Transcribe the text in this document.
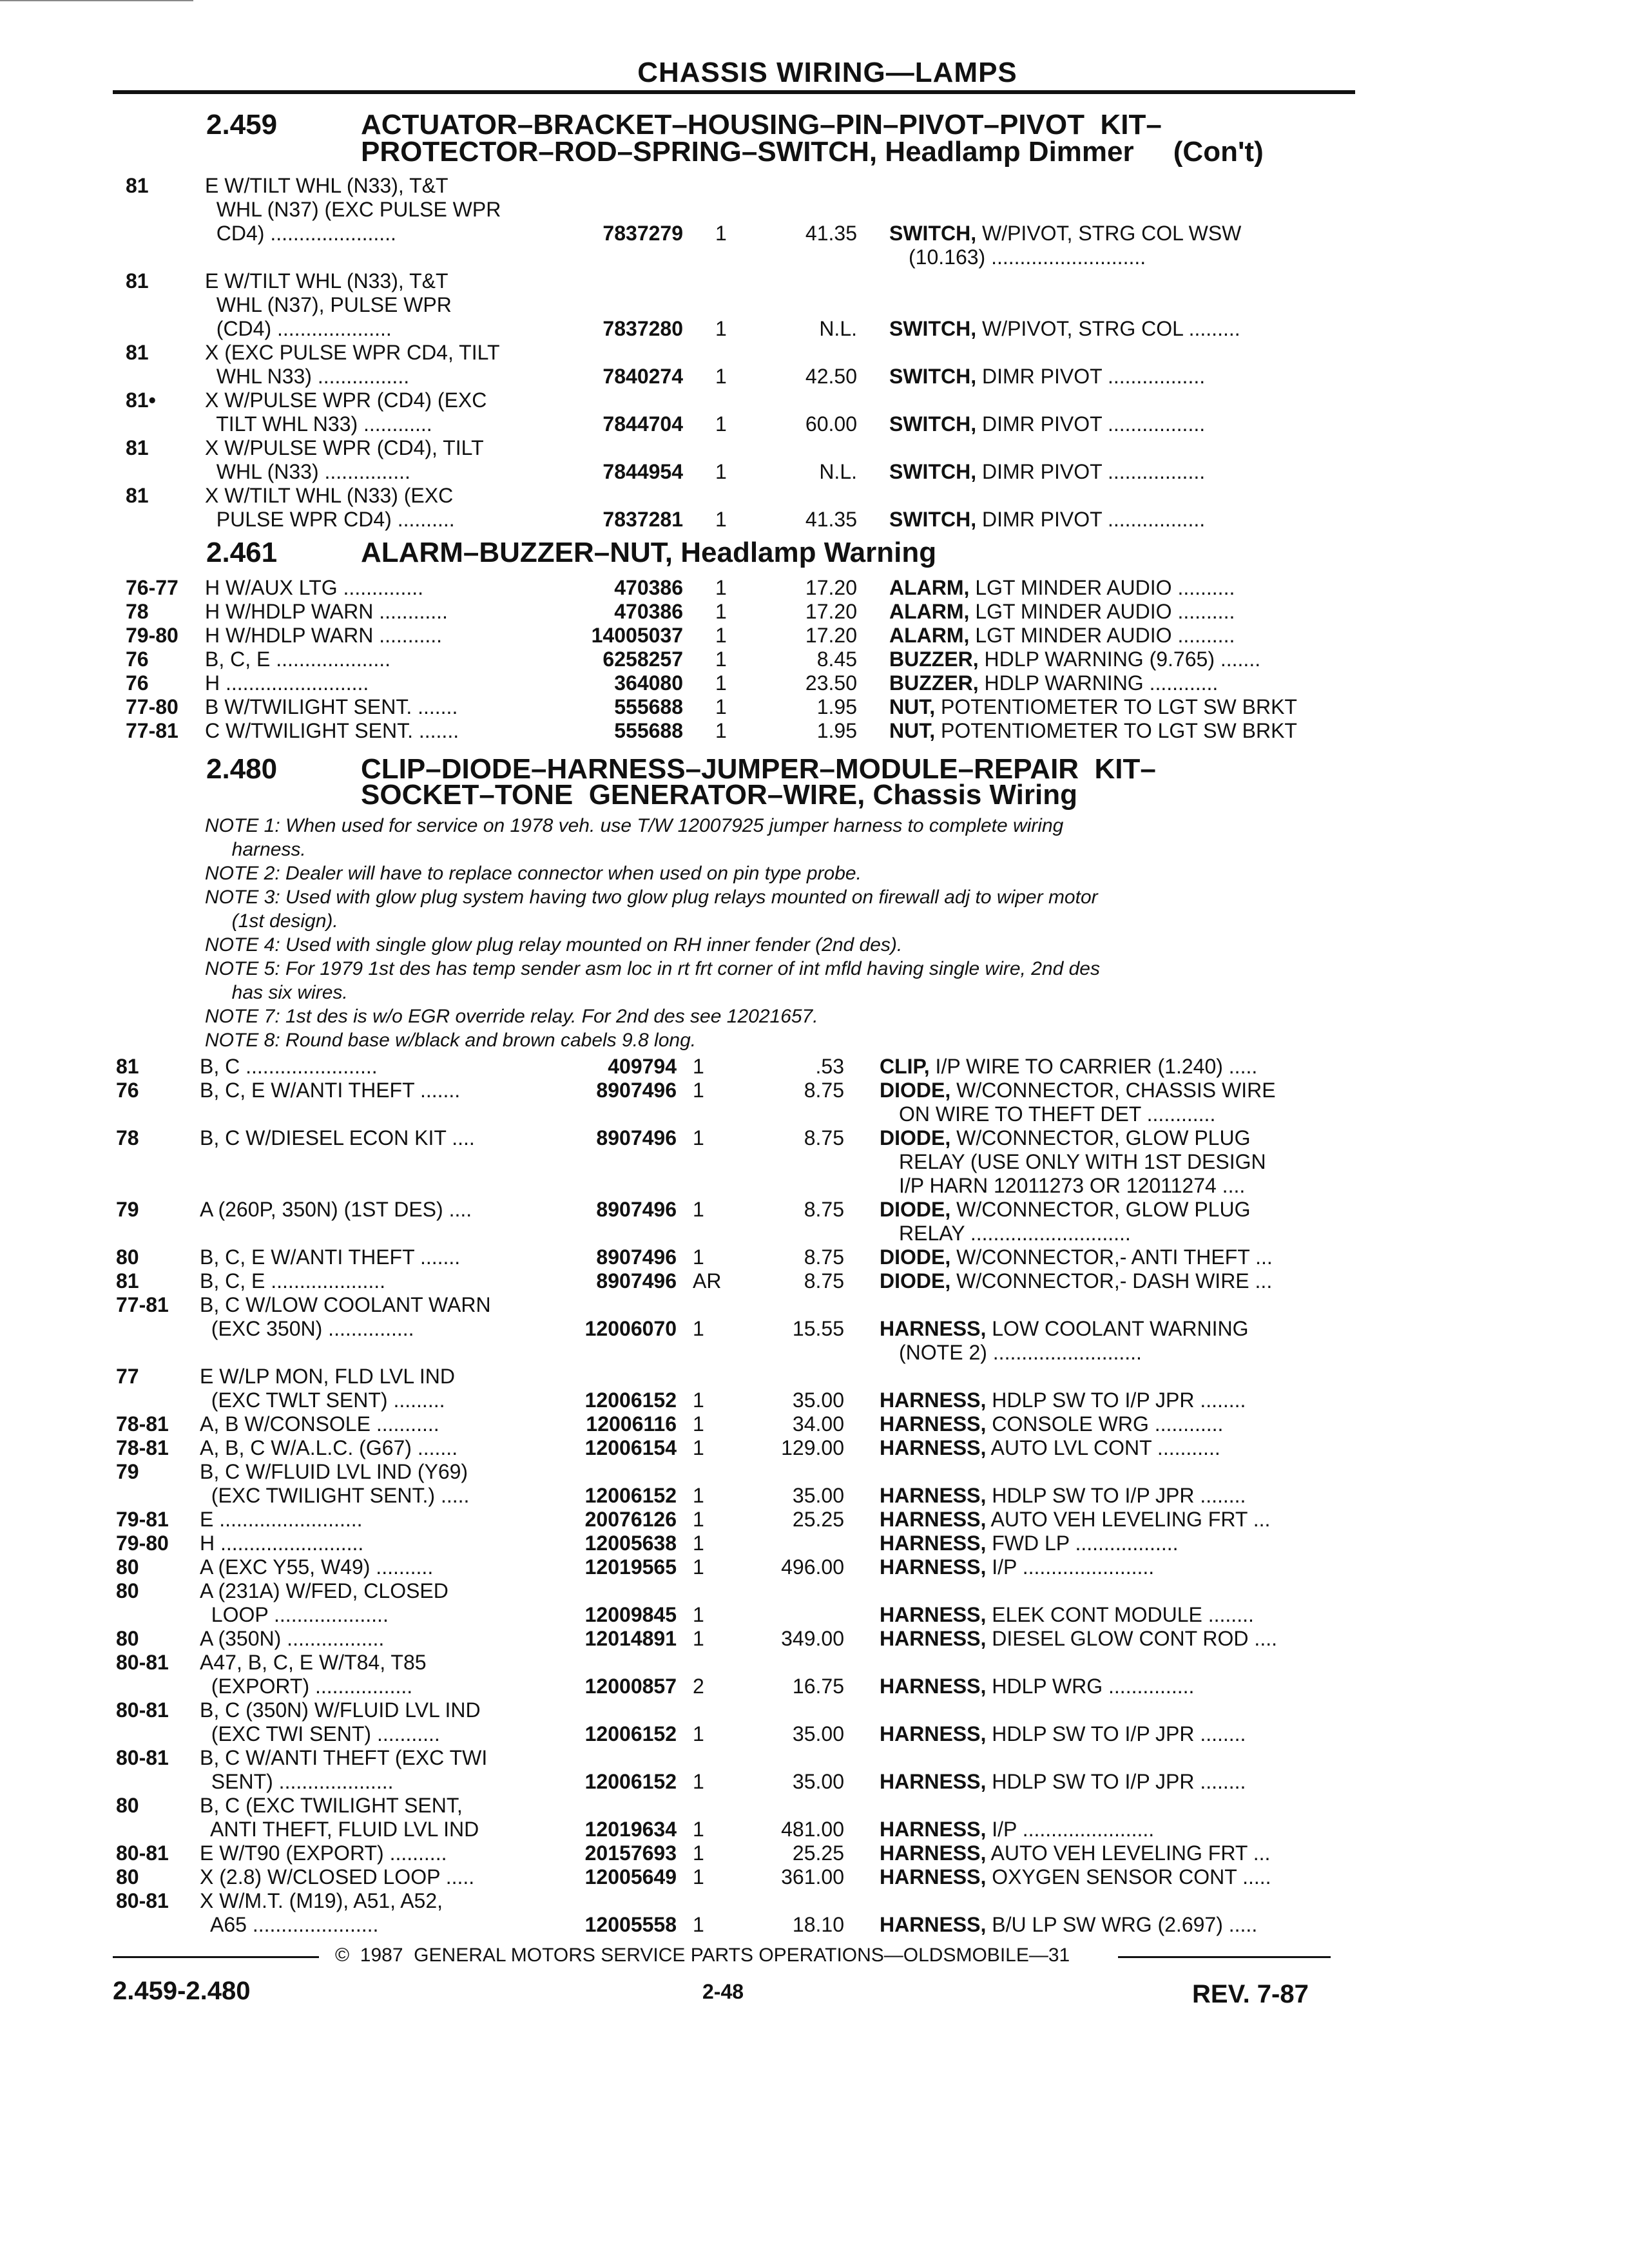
CHASSIS WIRING—LAMPS
2.459	ACTUATOR–BRACKET–HOUSING–PIN–PIVOT–PIVOT  KIT–
PROTECTOR–ROD–SPRING–SWITCH, Headlamp Dimmer     (Con't)
81	E W/TILT WHL (N33), T&T
WHL (N37) (EXC PULSE WPR
CD4) ......................	7837279 1	41.35 SWITCH, W/PIVOT, STRG COL WSW
(10.163) ...........................
81	E W/TILT WHL (N33), T&T
WHL (N37), PULSE WPR
(CD4) ....................	7837280 1	N.L. SWITCH, W/PIVOT, STRG COL .........
81	X (EXC PULSE WPR CD4, TILT
WHL N33) ................	7840274 1	42.50 SWITCH, DIMR PIVOT .................
81• X W/PULSE WPR (CD4) (EXC
TILT WHL N33) ............	7844704 1	60.00 SWITCH, DIMR PIVOT .................
81	X W/PULSE WPR (CD4), TILT
WHL (N33) ...............	7844954 1	N.L. SWITCH, DIMR PIVOT .................
81	X W/TILT WHL (N33) (EXC
PULSE WPR CD4) ..........	7837281 1	41.35 SWITCH, DIMR PIVOT .................
2.461	ALARM–BUZZER–NUT, Headlamp Warning
76-77 H W/AUX LTG ..............	470386 1	17.20 ALARM, LGT MINDER AUDIO ..........
78	H W/HDLP WARN ............	470386 1	17.20 ALARM, LGT MINDER AUDIO ..........
79-80 H W/HDLP WARN ...........	14005037 1	17.20 ALARM, LGT MINDER AUDIO ..........
76	B, C, E ....................	6258257 1	8.45 BUZZER, HDLP WARNING (9.765) .......
76	H .........................	364080 1	23.50 BUZZER, HDLP WARNING ............
77-80 B W/TWILIGHT SENT. .......	555688 1	1.95 NUT, POTENTIOMETER TO LGT SW BRKT
77-81 C W/TWILIGHT SENT. .......	555688 1	1.95 NUT, POTENTIOMETER TO LGT SW BRKT
2.480	CLIP–DIODE–HARNESS–JUMPER–MODULE–REPAIR  KIT–
SOCKET–TONE  GENERATOR–WIRE, Chassis Wiring
NOTE 1: When used for service on 1978 veh. use T/W 12007925 jumper harness to complete wiring
harness.
NOTE 2: Dealer will have to replace connector when used on pin type probe.
NOTE 3: Used with glow plug system having two glow plug relays mounted on firewall adj to wiper motor
(1st design).
NOTE 4: Used with single glow plug relay mounted on RH inner fender (2nd des).
NOTE 5: For 1979 1st des has temp sender asm loc in rt frt corner of int mfld having single wire, 2nd des
has six wires.
NOTE 7: 1st des is w/o EGR override relay. For 2nd des see 12021657.
NOTE 8: Round base w/black and brown cabels 9.8 long.
81	B, C .......................	409794 1	.53 CLIP, I/P WIRE TO CARRIER (1.240) .....
76	B, C, E W/ANTI THEFT .......	8907496 1	8.75 DIODE, W/CONNECTOR, CHASSIS WIRE
ON WIRE TO THEFT DET ............
78	B, C W/DIESEL ECON KIT ....	8907496 1	8.75 DIODE, W/CONNECTOR, GLOW PLUG
RELAY (USE ONLY WITH 1ST DESIGN
I/P HARN 12011273 OR 12011274 ....
79	A (260P, 350N) (1ST DES) ....	8907496 1	8.75 DIODE, W/CONNECTOR, GLOW PLUG
RELAY ............................
80	B, C, E W/ANTI THEFT .......	8907496 1	8.75 DIODE, W/CONNECTOR,- ANTI THEFT ...
81	B, C, E ....................	8907496 AR	8.75 DIODE, W/CONNECTOR,- DASH WIRE ...
77-81 B, C W/LOW COOLANT WARN
(EXC 350N) ...............	12006070 1	15.55 HARNESS, LOW COOLANT WARNING
(NOTE 2) ..........................
77	E W/LP MON, FLD LVL IND
(EXC TWLT SENT) .........	12006152 1	35.00 HARNESS, HDLP SW TO I/P JPR ........
78-81 A, B W/CONSOLE ...........	12006116 1	34.00 HARNESS, CONSOLE WRG ............
78-81 A, B, C W/A.L.C. (G67) .......	12006154 1	129.00 HARNESS, AUTO LVL CONT ...........
79	B, C W/FLUID LVL IND (Y69)
(EXC TWILIGHT SENT.) .....	12006152 1	35.00 HARNESS, HDLP SW TO I/P JPR ........
79-81 E .........................	20076126 1	25.25 HARNESS, AUTO VEH LEVELING FRT ...
79-80 H .........................	12005638 1	HARNESS, FWD LP ..................
80	A (EXC Y55, W49) ..........	12019565 1	496.00 HARNESS, I/P .......................
80	A (231A) W/FED, CLOSED
LOOP ....................	12009845 1	HARNESS, ELEK CONT MODULE ........
80	A (350N) .................	12014891 1	349.00 HARNESS, DIESEL GLOW CONT ROD ....
80-81 A47, B, C, E W/T84, T85
(EXPORT) .................	12000857 2	16.75 HARNESS, HDLP WRG ...............
80-81 B, C (350N) W/FLUID LVL IND
(EXC TWI SENT) ...........	12006152 1	35.00 HARNESS, HDLP SW TO I/P JPR ........
80-81 B, C W/ANTI THEFT (EXC TWI
SENT) ....................	12006152 1	35.00 HARNESS, HDLP SW TO I/P JPR ........
80	B, C (EXC TWILIGHT SENT,
ANTI THEFT, FLUID LVL IND	12019634 1	481.00 HARNESS, I/P .......................
80-81 E W/T90 (EXPORT) ..........	20157693 1	25.25 HARNESS, AUTO VEH LEVELING FRT ...
80	X (2.8) W/CLOSED LOOP .....	12005649 1	361.00 HARNESS, OXYGEN SENSOR CONT .....
80-81 X W/M.T. (M19), A51, A52,
A65 ......................	12005558 1	18.10 HARNESS, B/U LP SW WRG (2.697) .....
©  1987  GENERAL MOTORS SERVICE PARTS OPERATIONS—OLDSMOBILE—31
2.459-2.480	2-48	REV. 7-87
